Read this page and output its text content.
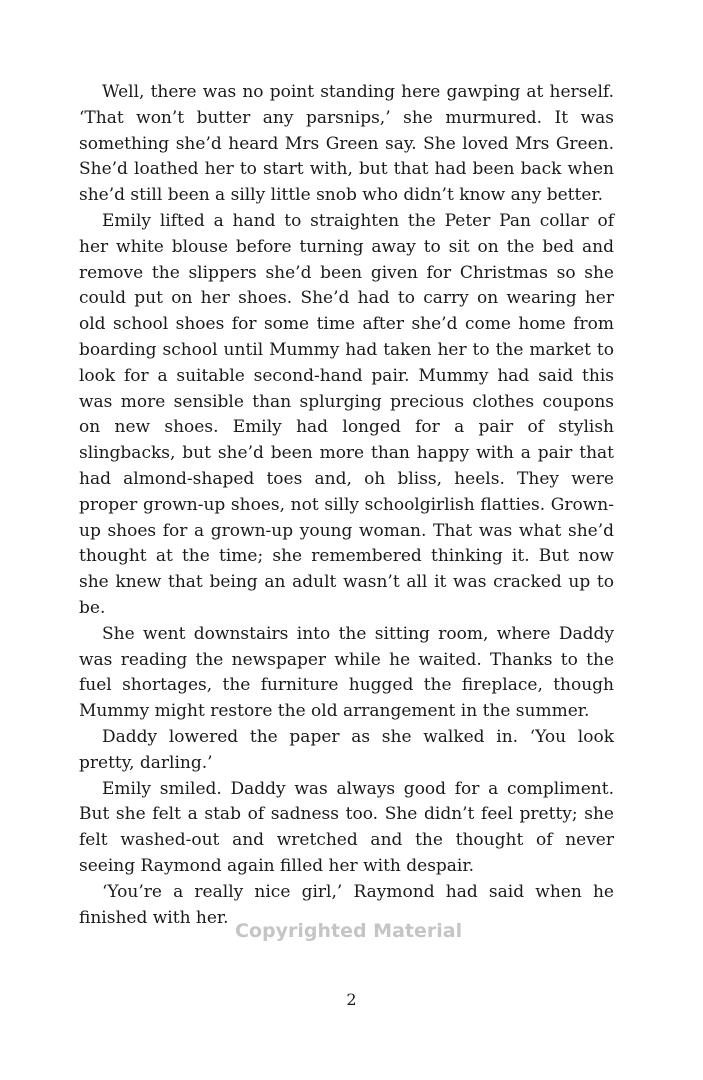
Well, there was no point standing here gawping at herself. ‘That won’t butter any parsnips,’ she murmured. It was something she’d heard Mrs Green say. She loved Mrs Green. She’d loathed her to start with, but that had been back when she’d still been a silly little snob who didn’t know any better.

Emily lifted a hand to straighten the Peter Pan collar of her white blouse before turning away to sit on the bed and remove the slippers she’d been given for Christmas so she could put on her shoes. She’d had to carry on wearing her old school shoes for some time after she’d come home from boarding school until Mummy had taken her to the market to look for a suitable second-hand pair. Mummy had said this was more sensible than splurging precious clothes coupons on new shoes. Emily had longed for a pair of stylish slingbacks, but she’d been more than happy with a pair that had almond-shaped toes and, oh bliss, heels. They were proper grown-up shoes, not silly schoolgirlish flatties. Grown-up shoes for a grown-up young woman. That was what she’d thought at the time; she remembered thinking it. But now she knew that being an adult wasn’t all it was cracked up to be.

She went downstairs into the sitting room, where Daddy was reading the newspaper while he waited. Thanks to the fuel shortages, the furniture hugged the fireplace, though Mummy might restore the old arrangement in the summer.

Daddy lowered the paper as she walked in. ‘You look pretty, darling.’

Emily smiled. Daddy was always good for a compliment. But she felt a stab of sadness too. She didn’t feel pretty; she felt washed-out and wretched and the thought of never seeing Raymond again filled her with despair.

‘You’re a really nice girl,’ Raymond had said when he finished with her.

Copyrighted Material
2
